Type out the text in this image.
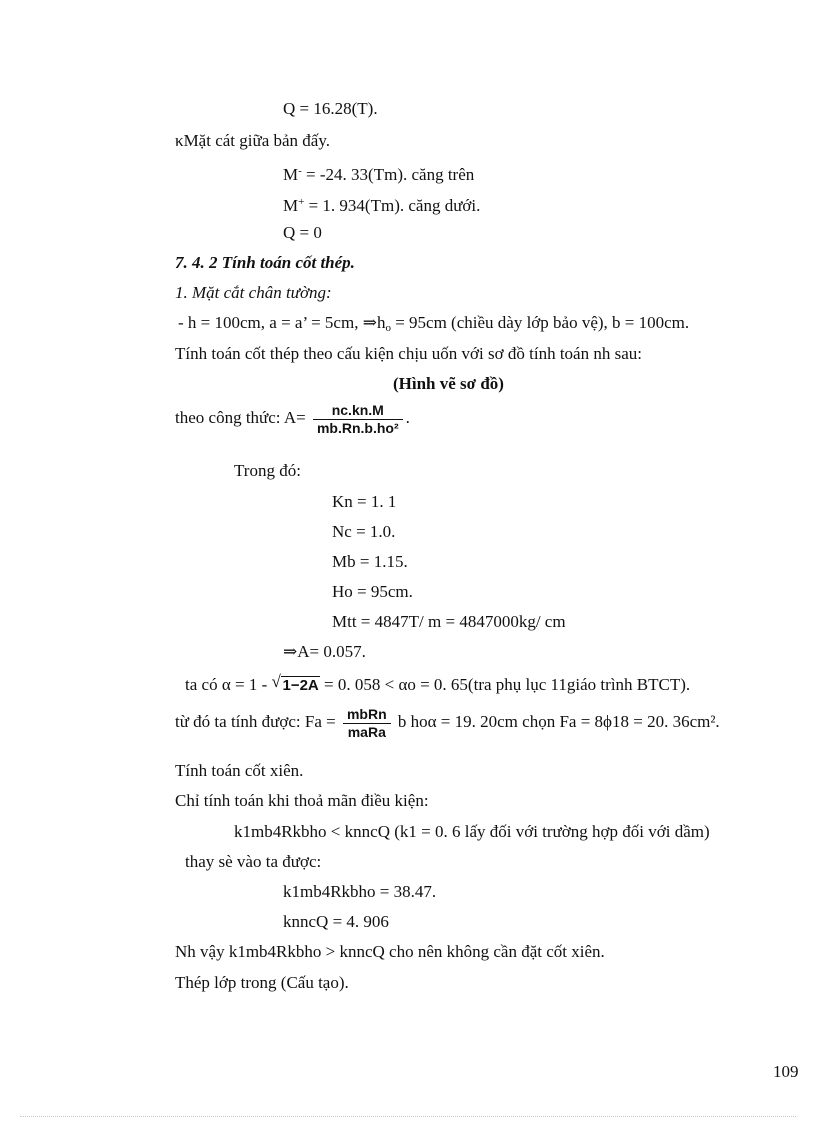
Q = 16.28(T).
κMặt cát giữa bản đấy.
M- = -24. 33(Tm). căng trên
M+ = 1. 934(Tm). căng dưới.
Q = 0
7. 4. 2 Tính toán cốt thép.
1. Mặt cắt chân tường:
- h = 100cm, a = a’ = 5cm, ⇒ho = 95cm (chiều dày lớp bảo vệ), b = 100cm.
Tính toán cốt thép theo cấu kiện chịu uốn với sơ đồ tính toán nh sau:
(Hình vẽ sơ đồ)
theo công thức: $A= \frac{nc.kn.M}{\text{mb.Rn.b.ho²}}$ .
Trong đó:
Kn = 1. 1
Nc = 1.0.
Mb = 1.15.
Ho = 95cm.
Mtt = 4847T/ m = 4847000kg/ cm
⇒A= 0.057.
ta có α = 1 - √ 1−2A = 0. 058 < αo = 0. 65(tra phụ lục 11giáo trình BTCT).
từ đó ta tính được: $Fa = \frac{\text{mbRn}}{\text{maRa}}$ b hoα = 19. 20cm chọn Fa = 8ϕ18 = 20. 36cm².
Tính toán cốt xiên.
Chỉ tính toán khi thoả mãn điều kiện:
k1mb4Rkbho < knncQ (k1 = 0. 6 lấy đối với trường hợp đối với dầm)
thay sè vào ta được:
k1mb4Rkbho = 38.47.
knncQ = 4. 906
Nh vậy k1mb4Rkbho > knncQ cho nên không cần đặt cốt xiên.
Thép lớp trong (Cấu tạo).
109
